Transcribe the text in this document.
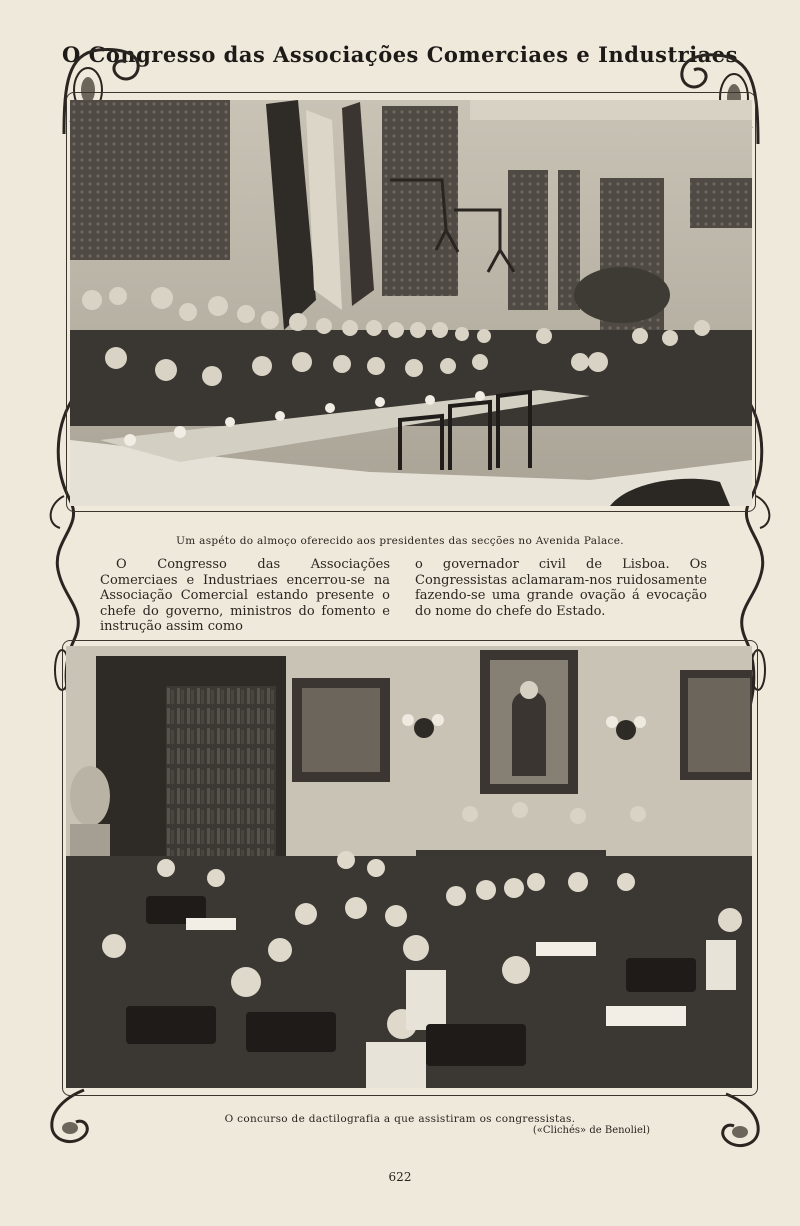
O Congresso das Associações Comerciaes e Industriaes
Um aspéto do almoço oferecido aos presidentes das secções no Avenida Palace.
O Congresso das Associações Comerciaes e Industriaes encerrou-se na Associação Comercial estando presente o chefe do governo, ministros do fomento e instrução assim como
o governador civil de Lisboa. Os Congressistas aclamaram-nos ruidosamente fazendo-se uma grande ovação á evocação do nome do chefe do Estado.
O concurso de dactilografia a que assistiram os congressistas.
(«Clichés» de Benoliel)
622
